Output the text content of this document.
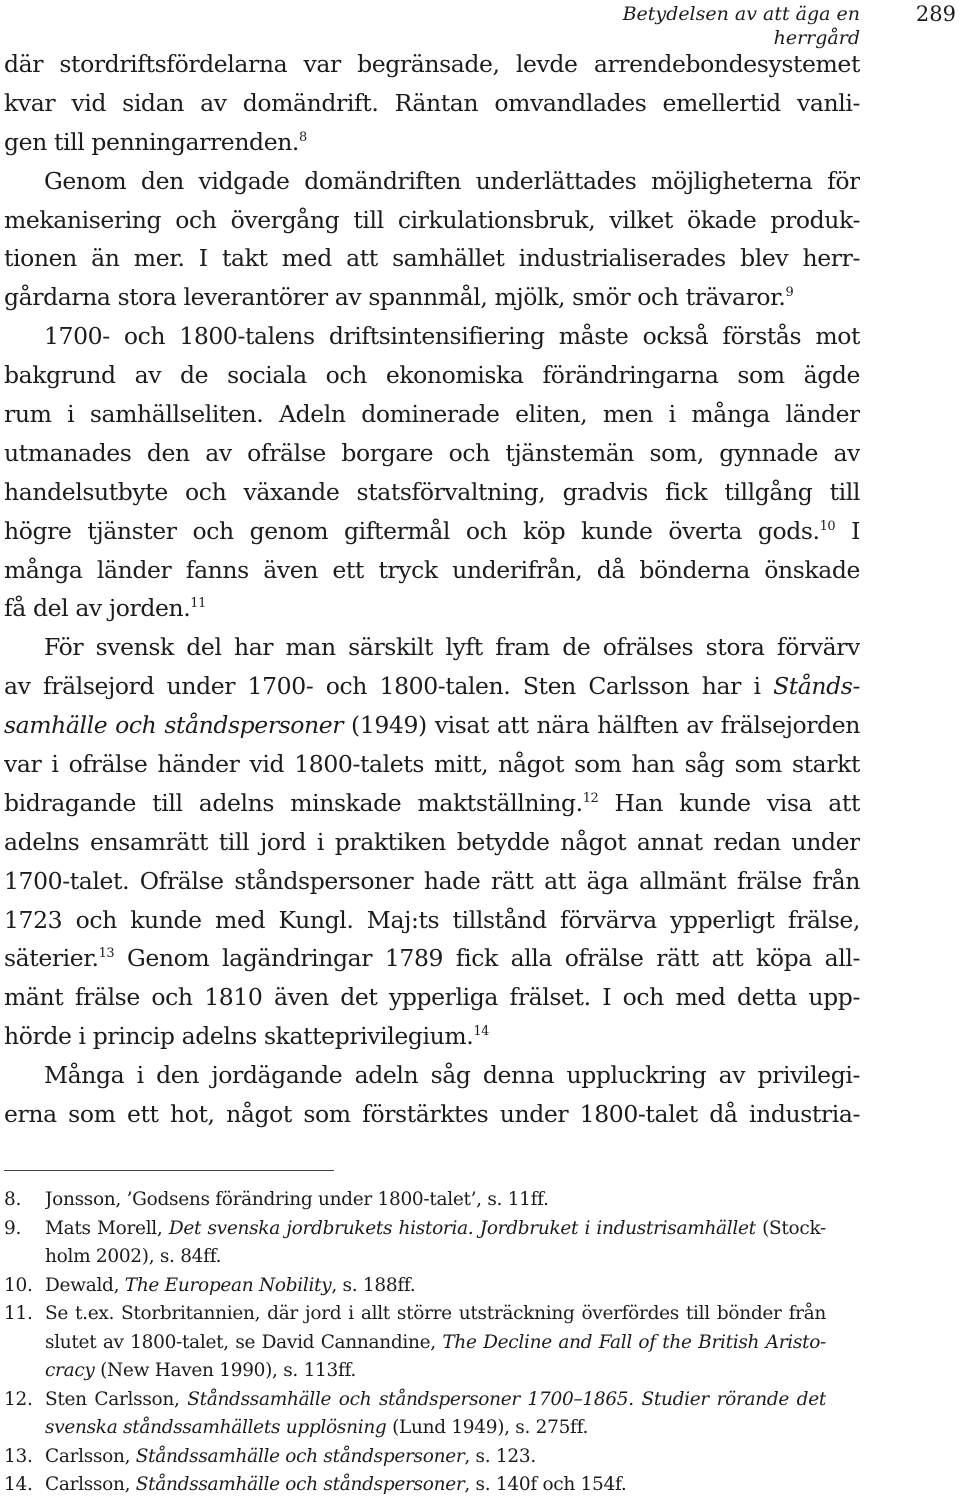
Betydelsen av att äga en herrgård
289
där stordriftsfördelarna var begränsade, levde arrendebondesystemet
kvar vid sidan av domändrift. Räntan omvandlades emellertid vanli-
gen till penningarrenden.$^8$
Genom den vidgade domändriften underlättades möjligheterna för
mekanisering och övergång till cirkulationsbruk, vilket ökade produk-
tionen än mer. I takt med att samhället industrialiserades blev herr-
gårdarna stora leverantörer av spannmål, mjölk, smör och trävaror.$^9$
1700- och 1800-talens driftsintensifiering måste också förstås mot
bakgrund av de sociala och ekonomiska förändringarna som ägde
rum i samhällseliten. Adeln dominerade eliten, men i många länder
utmanades den av ofrälse borgare och tjänstemän som, gynnade av
handelsutbyte och växande statsförvaltning, gradvis fick tillgång till
högre tjänster och genom giftermål och köp kunde överta gods.$^{10}$ I
många länder fanns även ett tryck underifrån, då bönderna önskade
få del av jorden.$^{11}$
För svensk del har man särskilt lyft fram de ofrälses stora förvärv
av frälsejord under 1700- och 1800-talen. Sten Carlsson har i Stånds-
samhälle och ståndspersoner (1949) visat att nära hälften av frälsejorden
var i ofrälse händer vid 1800-talets mitt, något som han såg som starkt
bidragande till adelns minskade maktställning.$^{12}$ Han kunde visa att
adelns ensamrätt till jord i praktiken betydde något annat redan under
1700-talet. Ofrälse ståndspersoner hade rätt att äga allmänt frälse från
1723 och kunde med Kungl. Maj:ts tillstånd förvärva ypperligt frälse,
säterier.$^{13}$ Genom lagändringar 1789 fick alla ofrälse rätt att köpa all-
mänt frälse och 1810 även det ypperliga frälset. I och med detta upp-
hörde i princip adelns skatteprivilegium.$^{14}$
Många i den jordägande adeln såg denna uppluckring av privilegi-
erna som ett hot, något som förstärktes under 1800-talet då industria-
8. Jonsson, ’Godsens förändring under 1800-talet’, s. 11ff.
9. Mats Morell, Det svenska jordbrukets historia. Jordbruket i industrisamhället (Stock-
holm 2002), s. 84ff.
10. Dewald, The European Nobility, s. 188ff.
11. Se t.ex. Storbritannien, där jord i allt större utsträckning överfördes till bönder från
slutet av 1800-talet, se David Cannandine, The Decline and Fall of the British Aristo-
cracy (New Haven 1990), s. 113ff.
12. Sten Carlsson, Ståndssamhälle och ståndspersoner 1700–1865. Studier rörande det
svenska ståndssamhällets upplösning (Lund 1949), s. 275ff.
13. Carlsson, Ståndssamhälle och ståndspersoner, s. 123.
14. Carlsson, Ståndssamhälle och ståndspersoner, s. 140f och 154f.
